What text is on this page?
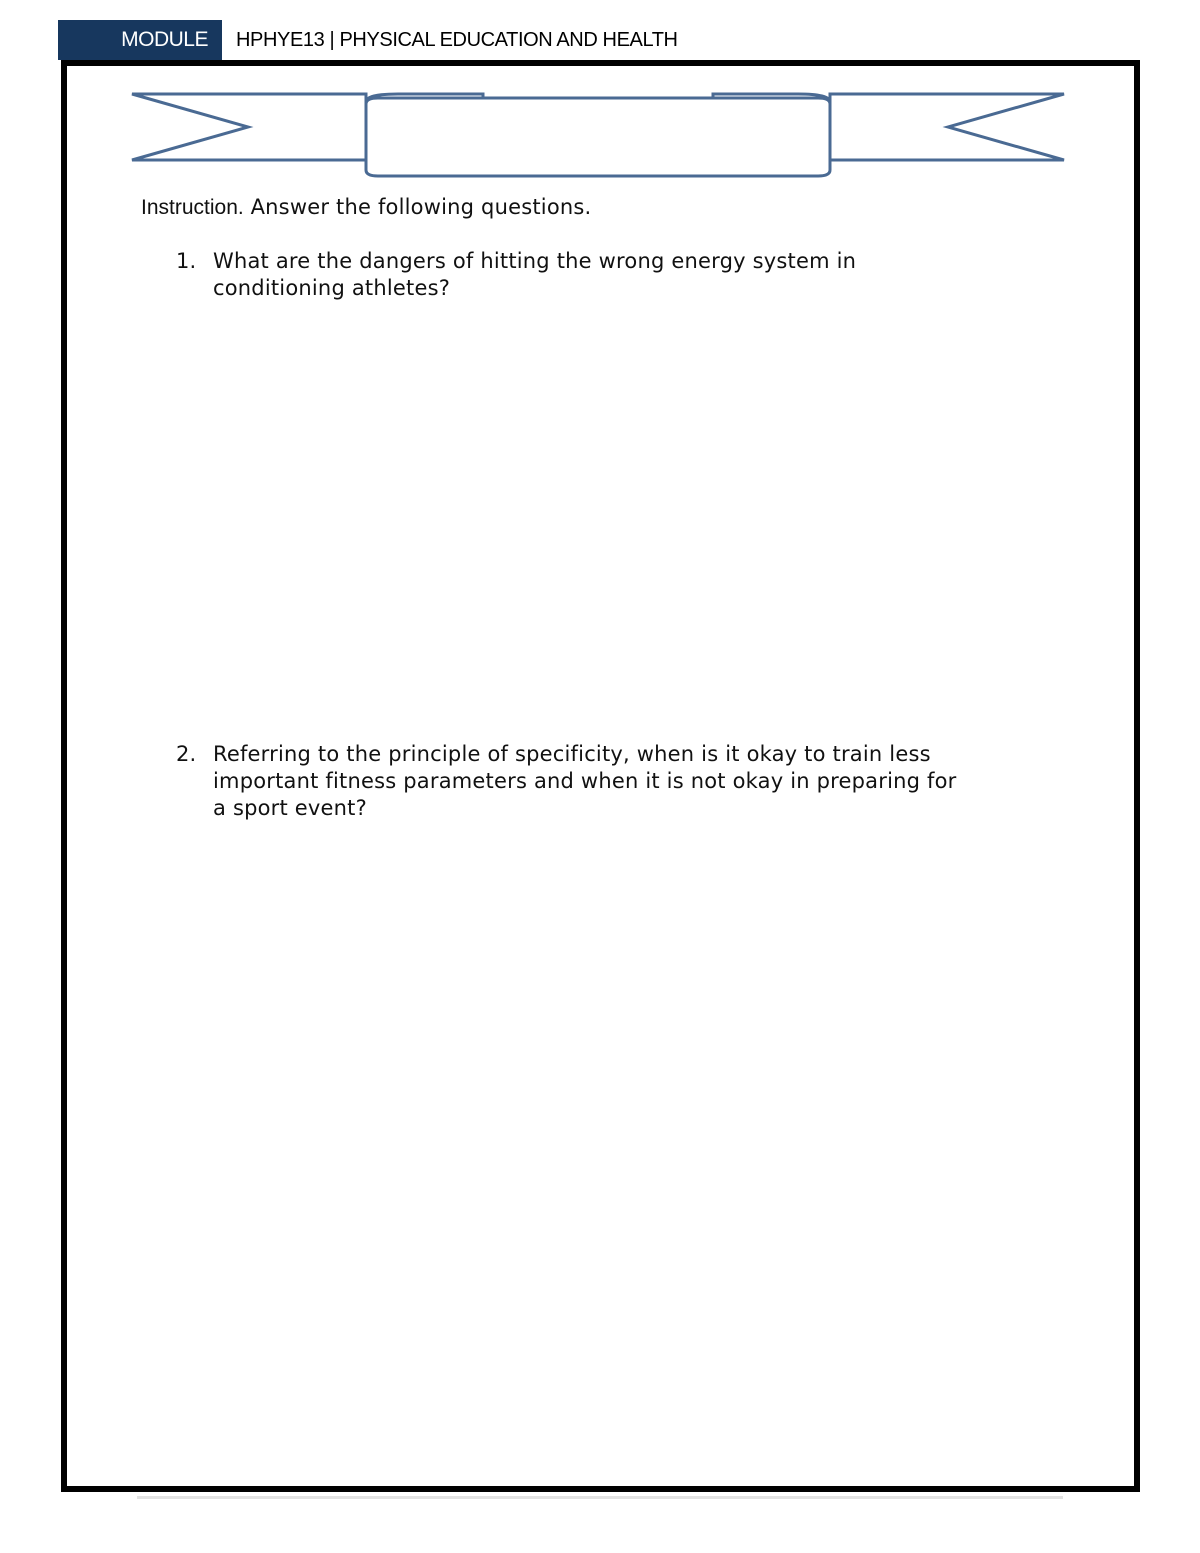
MODULE	HPHYE13 | PHYSICAL EDUCATION AND HEALTH
Instruction. Answer the following questions.
1. What are the dangers of hitting the wrong energy system in conditioning athletes?
2. Referring to the principle of specificity, when is it okay to train less important fitness parameters and when it is not okay in preparing for a sport event?
